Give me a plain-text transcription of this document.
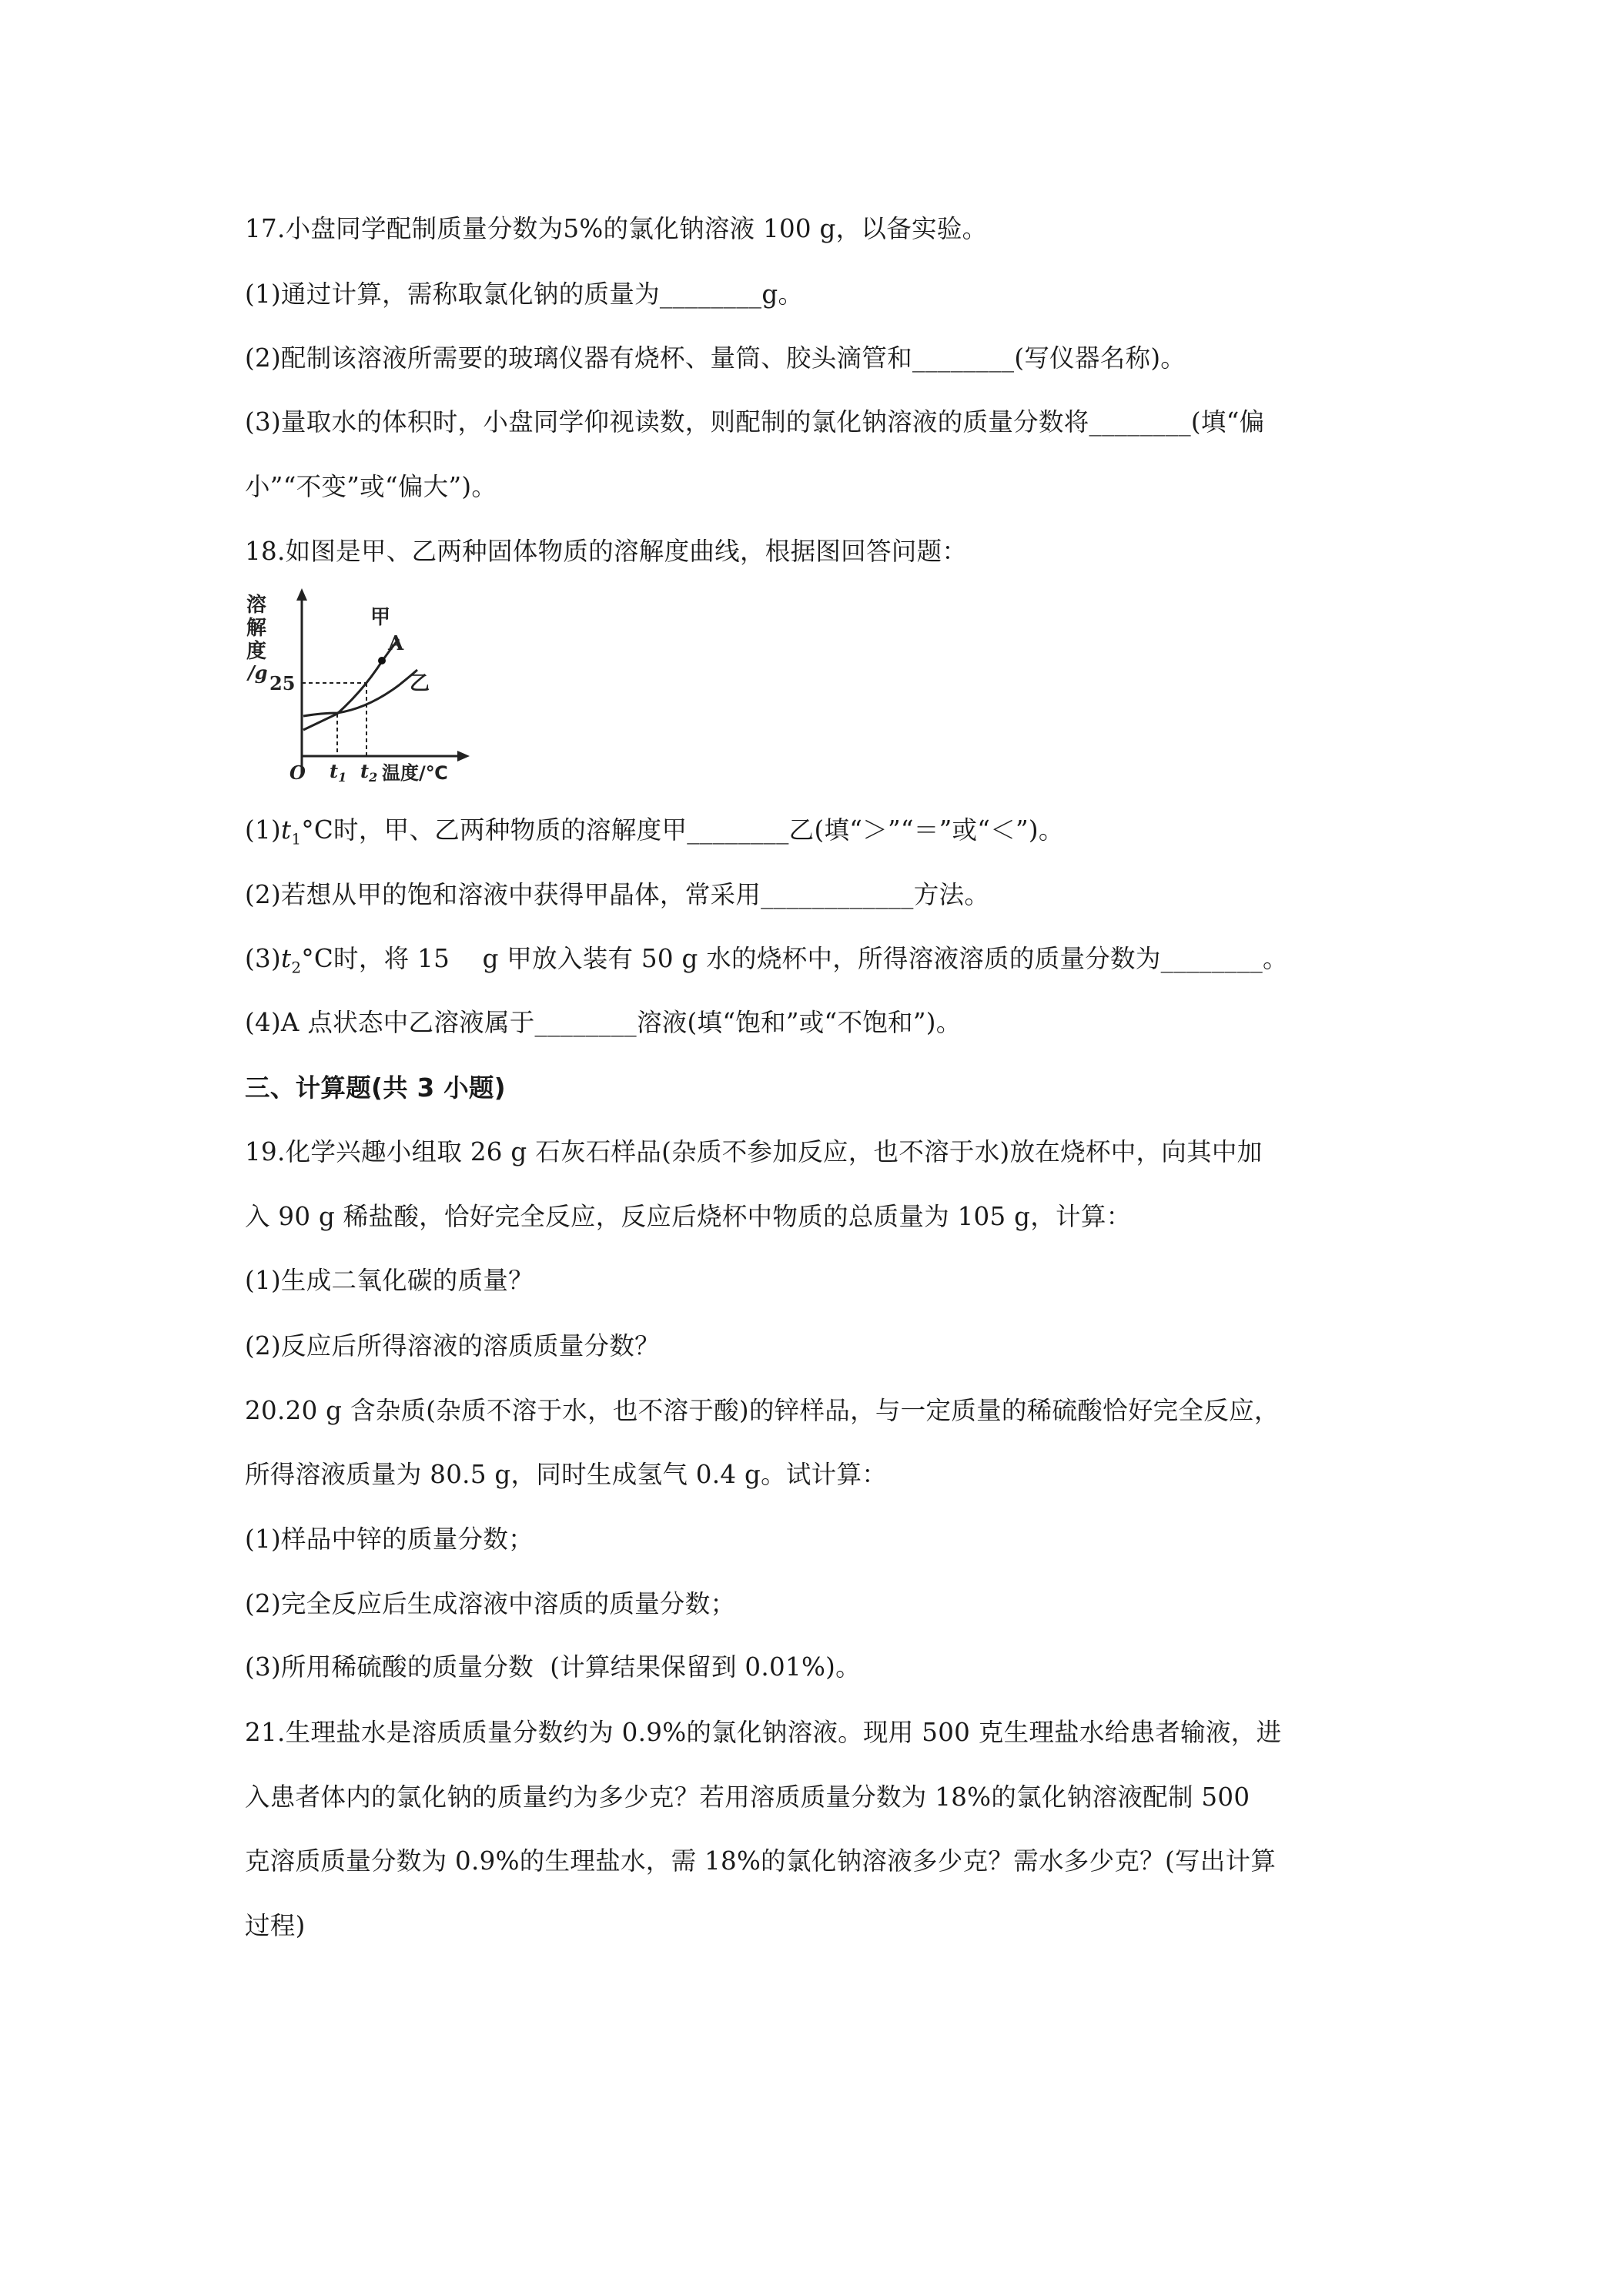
17.小盘同学配制质量分数为5%的氯化钠溶液 100 g，以备实验。
(1)通过计算，需称取氯化钠的质量为________g。
(2)配制该溶液所需要的玻璃仪器有烧杯、量筒、胶头滴管和________(写仪器名称)。
(3)量取水的体积时，小盘同学仰视读数，则配制的氯化钠溶液的质量分数将________(填“偏
小”“不变”或“偏大”)。
18.如图是甲、乙两种固体物质的溶解度曲线，根据图回答问题：
A
甲
乙
溶
解
度
/g 25
O $t_1$ $t_2$ 温度/℃
$(1)t_1^\circ C$时，甲、乙两种物质的溶解度甲________乙(填“＞”“＝”或“＜”)。
(2)若想从甲的饱和溶液中获得甲晶体，常采用____________方法。
$(3)t_2^\circ C$时，将 15    g 甲放入装有 50 g 水的烧杯中，所得溶液溶质的质量分数为________。
(4)A 点状态中乙溶液属于________溶液(填“饱和”或“不饱和”)。
三、计算题(共 3 小题)
19.化学兴趣小组取 26 g 石灰石样品(杂质不参加反应，也不溶于水)放在烧杯中，向其中加
入 90 g 稀盐酸，恰好完全反应，反应后烧杯中物质的总质量为 105 g，计算：
(1)生成二氧化碳的质量？
(2)反应后所得溶液的溶质质量分数？
20.20 g 含杂质(杂质不溶于水，也不溶于酸)的锌样品，与一定质量的稀硫酸恰好完全反应，
所得溶液质量为 80.5 g，同时生成氢气 0.4 g。试计算：
(1)样品中锌的质量分数；
(2)完全反应后生成溶液中溶质的质量分数；
(3)所用稀硫酸的质量分数  (计算结果保留到 0.01%)。
21.生理盐水是溶质质量分数约为 0.9%的氯化钠溶液。现用 500 克生理盐水给患者输液，进
入患者体内的氯化钠的质量约为多少克？若用溶质质量分数为 18%的氯化钠溶液配制 500
克溶质质量分数为 0.9%的生理盐水，需 18%的氯化钠溶液多少克？需水多少克？(写出计算
过程)
